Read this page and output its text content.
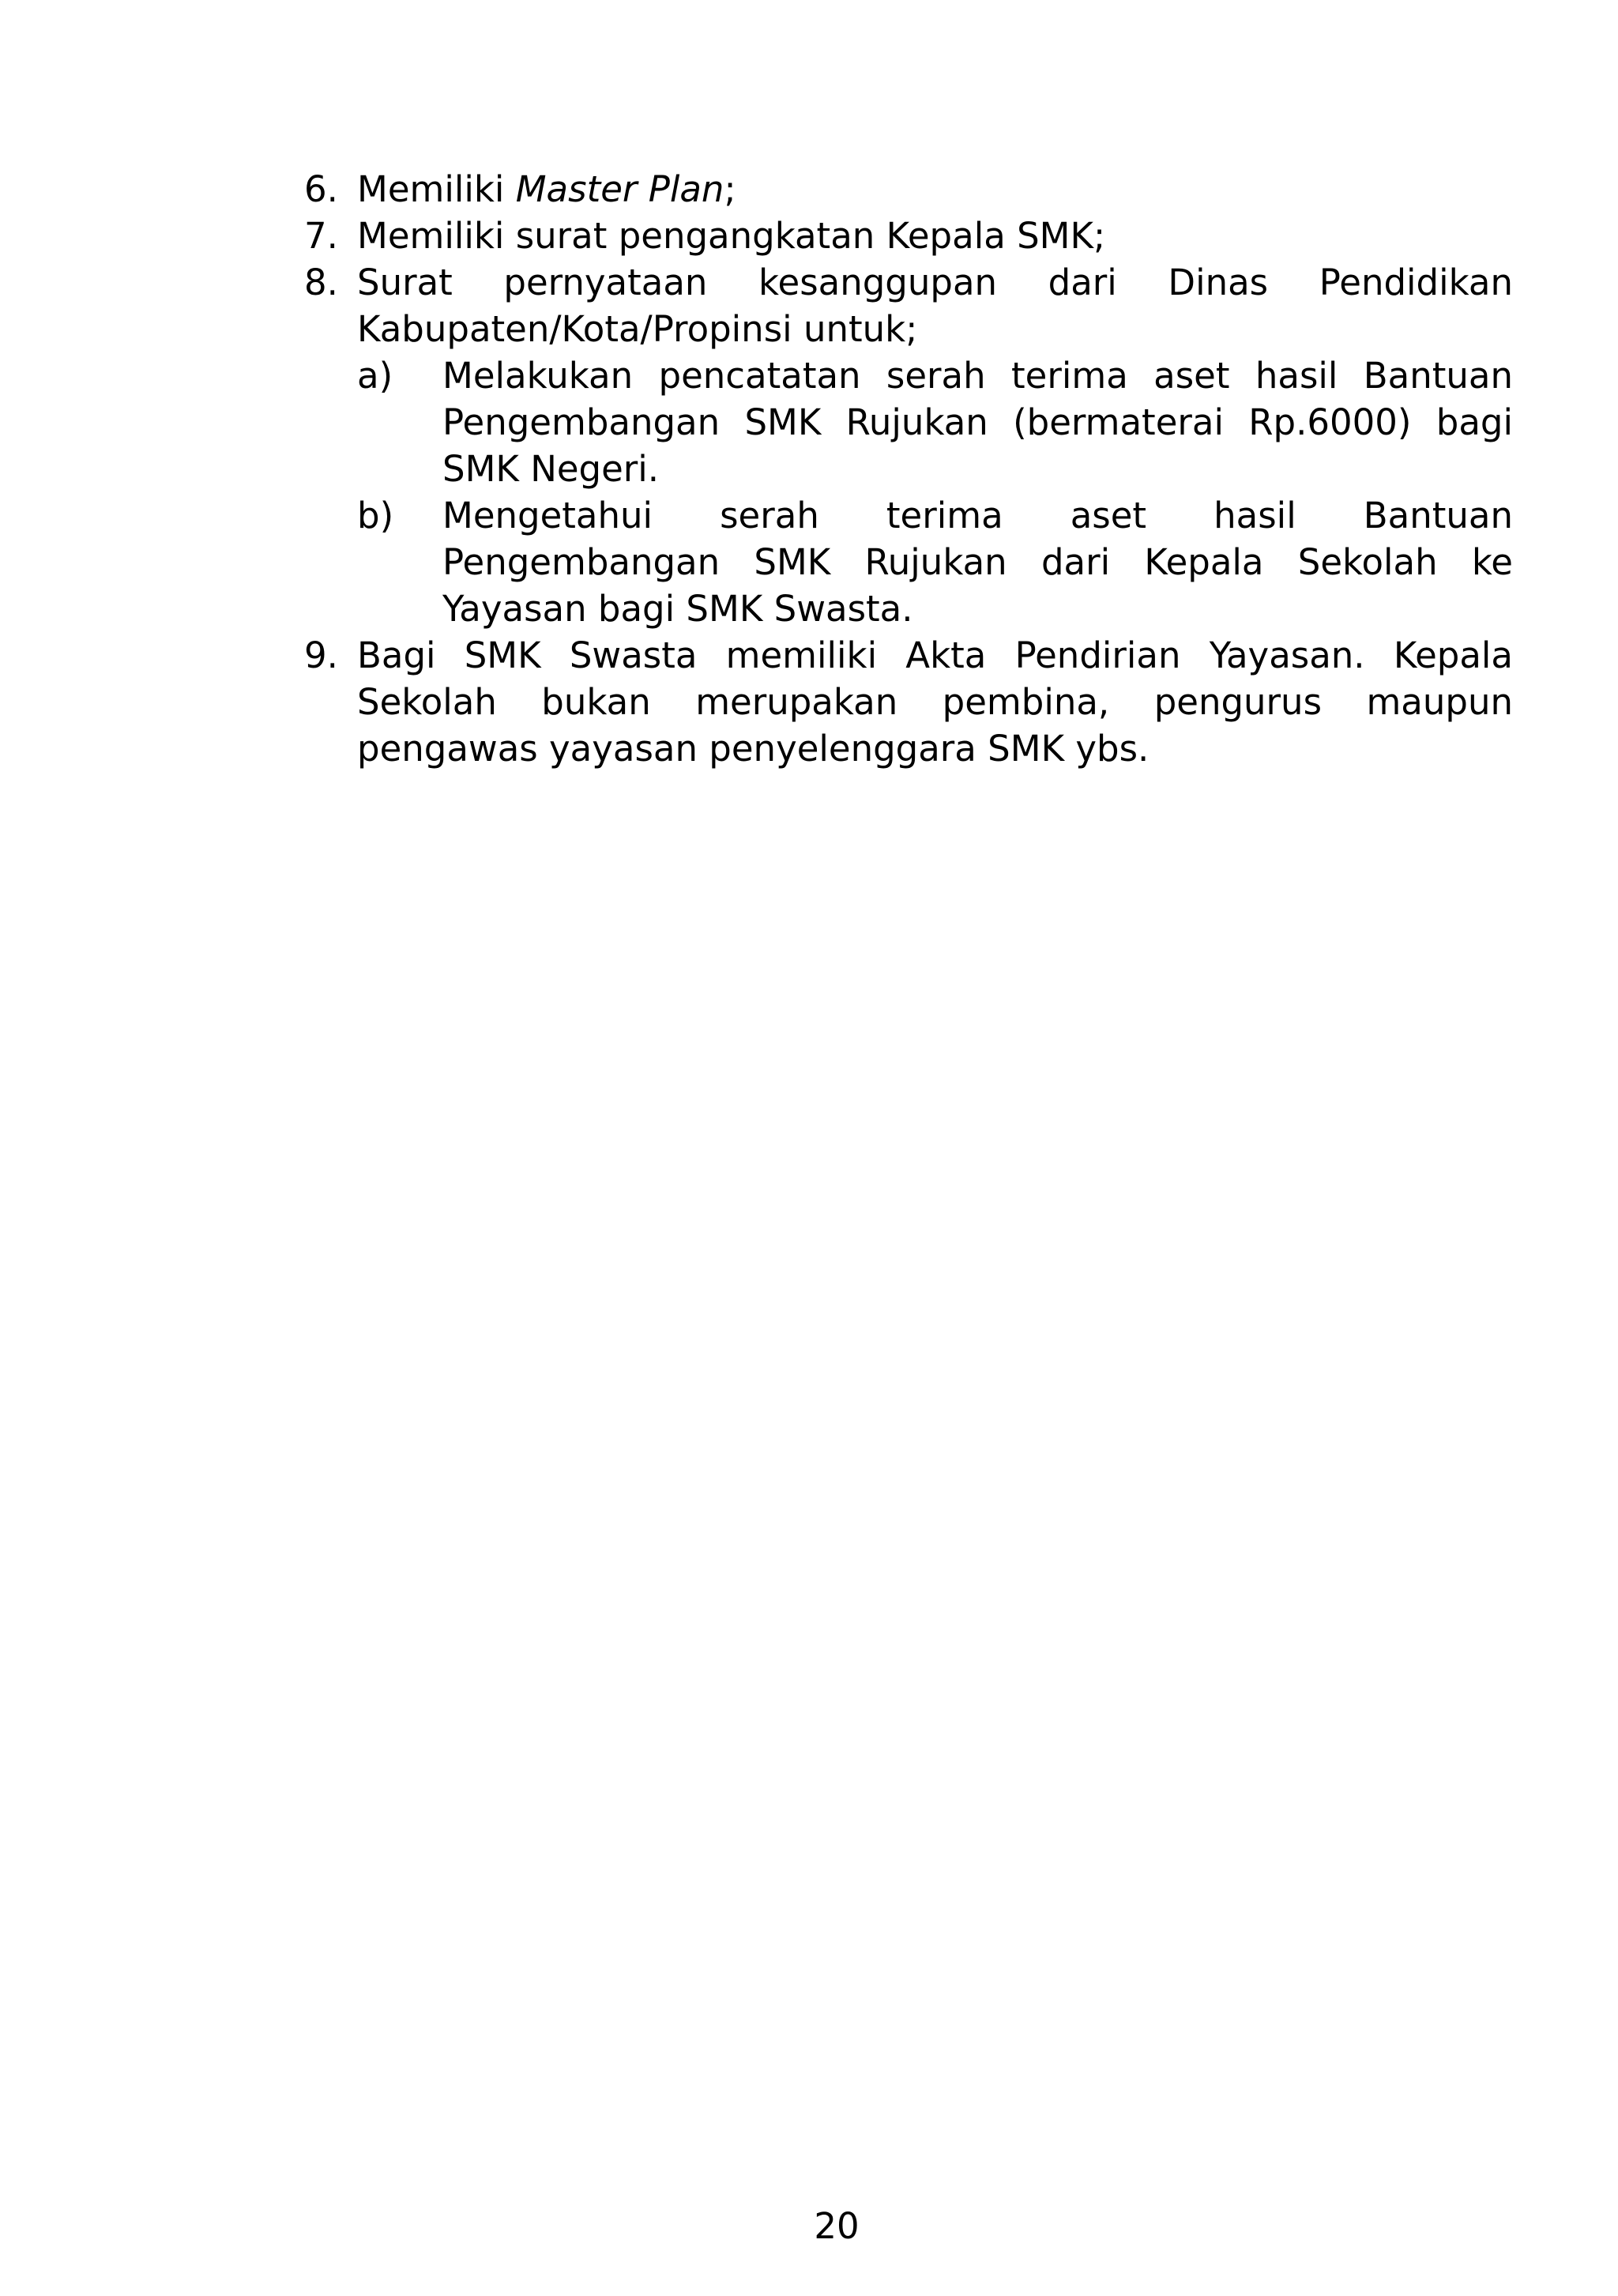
6. Memiliki Master Plan;
7. Memiliki surat pengangkatan Kepala SMK;
8. Surat pernyataan kesanggupan dari Dinas Pendidikan
Kabupaten/Kota/Propinsi untuk;
a) Melakukan pencatatan serah terima aset hasil Bantuan Pengembangan SMK Rujukan (bermaterai Rp.6000) bagi SMK Negeri.
b) Mengetahui serah terima aset hasil Bantuan Pengembangan SMK Rujukan dari Kepala Sekolah ke Yayasan bagi SMK Swasta.
9. Bagi SMK Swasta memiliki Akta Pendirian Yayasan. Kepala Sekolah bukan merupakan pembina, pengurus maupun pengawas yayasan penyelenggara SMK ybs.
20
